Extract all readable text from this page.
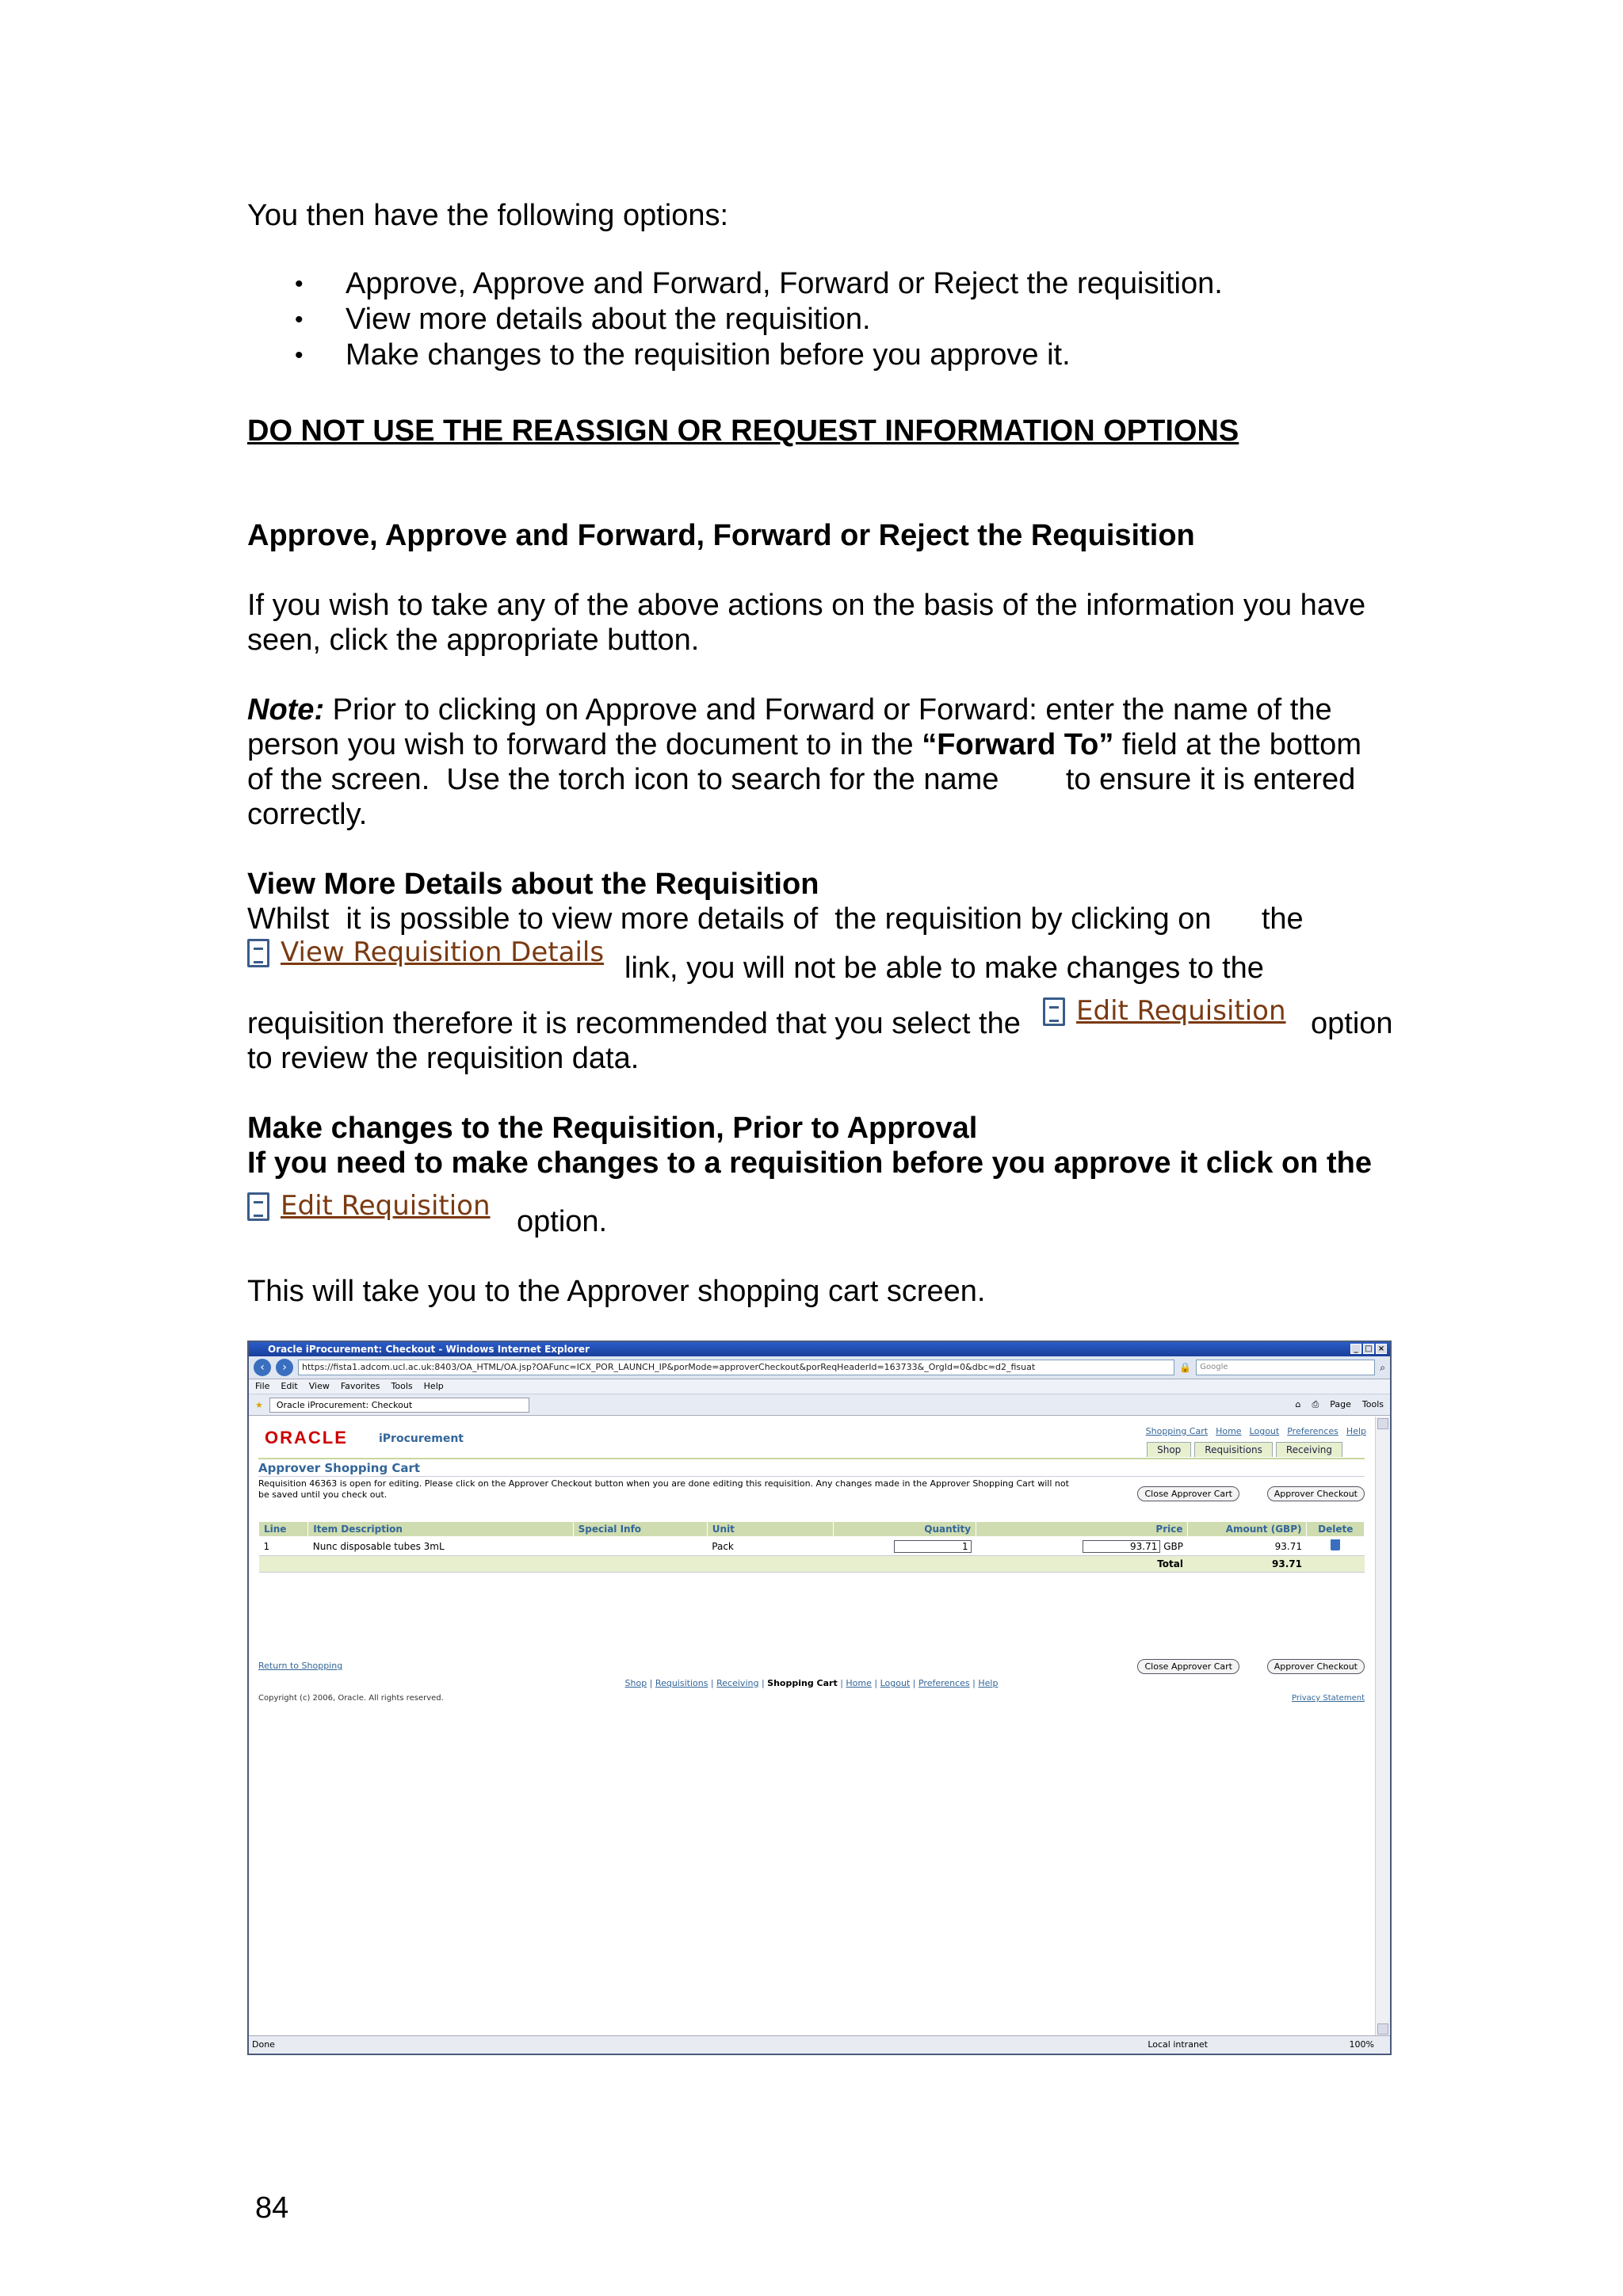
You then have the following options:
• Approve, Approve and Forward, Forward or Reject the requisition.
• View more details about the requisition.
• Make changes to the requisition before you approve it.
DO NOT USE THE REASSIGN OR REQUEST INFORMATION OPTIONS
Approve, Approve and Forward, Forward or Reject the Requisition
If you wish to take any of the above actions on the basis of the information you have
seen, click the appropriate button.
Note: Prior to clicking on Approve and Forward or Forward: enter the name of the
person you wish to forward the document to in the “Forward To” field at the bottom
of the screen.  Use the torch icon to search for the name        to ensure it is entered
correctly.
View More Details about the Requisition
Whilst  it is possible to view more details of  the requisition by clicking on      the
View Requisition Details link, you will not be able to make changes to the
requisition therefore it is recommended that you select the Edit Requisition option
to review the requisition data.
Make changes to the Requisition, Prior to Approval
If you need to make changes to a requisition before you approve it click on the
Edit Requisition option.
This will take you to the Approver shopping cart screen.
84
Oracle iProcurement: Checkout - Windows Internet Explorer	_ □ ×
‹	›	https://fista1.adcom.ucl.ac.uk:8403/OA_HTML/OA.jsp?OAFunc=ICX_POR_LAUNCH_IP&porMode=approverCheckout&porReqHeaderId=163733&_OrgId=0&dbc=d2_fisuat	🔒	Google	⌕
File Edit View Favorites Tools Help
★	Oracle iProcurement: Checkout	⌂ ⎙ Page Tools
ORACLE	iProcurement
Shopping Cart Home Logout Preferences Help
Shop	Requisitions	Receiving
Approver Shopping Cart
Requisition 46363 is open for editing. Please click on the Approver Checkout button when you are done editing this requisition. Any changes made in the Approver Shopping Cart will not be saved until you check out.	Close Approver Cart	Approver Checkout
Line	Item Description	Special Info	Unit	Quantity	Price	Amount (GBP)	Delete
1	Nunc disposable tubes 3mL		Pack	1	93.71 GBP	93.71	
					Total	93.71	
Return to Shopping	Close Approver Cart	Approver Checkout
Shop | Requisitions | Receiving | Shopping Cart | Home | Logout | Preferences | Help
Copyright (c) 2006, Oracle. All rights reserved.	Privacy Statement
Done	Local intranet	100%
